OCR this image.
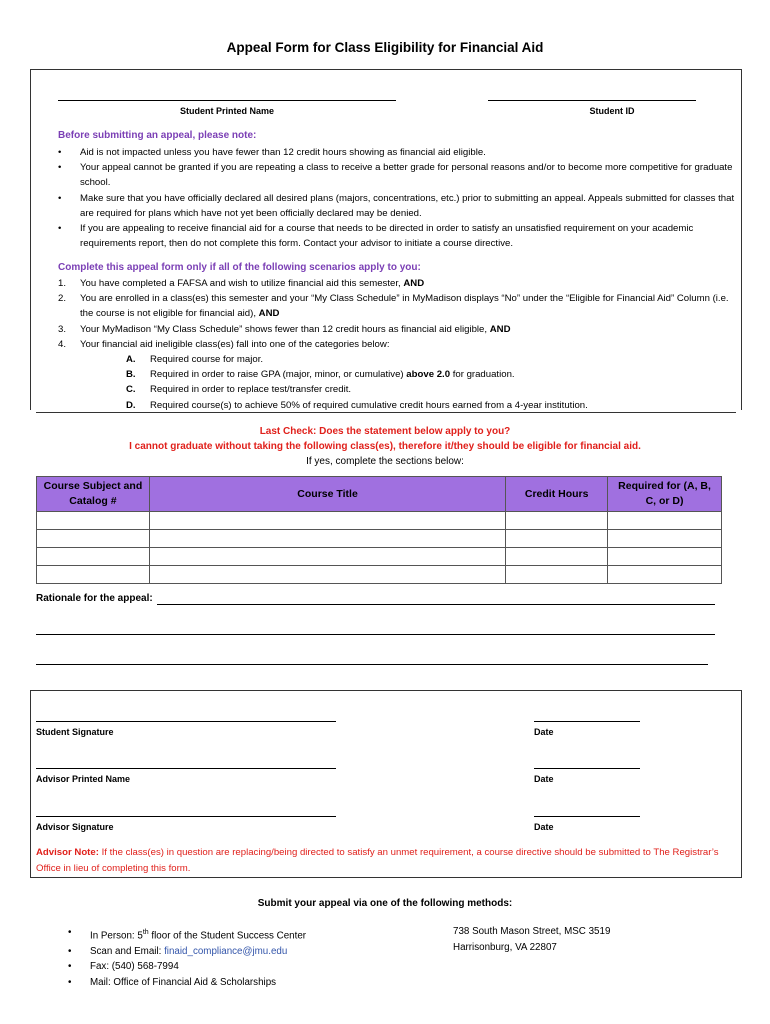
Appeal Form for Class Eligibility for Financial Aid
Student Printed Name	Student ID
Before submitting an appeal, please note:
• Aid is not impacted unless you have fewer than 12 credit hours showing as financial aid eligible.
• Your appeal cannot be granted if you are repeating a class to receive a better grade for personal reasons and/or to become more competitive for graduate school.
• Make sure that you have officially declared all desired plans (majors, concentrations, etc.) prior to submitting an appeal. Appeals submitted for classes that are required for plans which have not yet been officially declared may be denied.
• If you are appealing to receive financial aid for a course that needs to be directed in order to satisfy an unsatisfied requirement on your academic requirements report, then do not complete this form. Contact your advisor to initiate a course directive.
Complete this appeal form only if all of the following scenarios apply to you:
1. You have completed a FAFSA and wish to utilize financial aid this semester, AND
2. You are enrolled in a class(es) this semester and your “My Class Schedule” in MyMadison displays “No” under the “Eligible for Financial Aid” Column (i.e. the course is not eligible for financial aid), AND
3. Your MyMadison “My Class Schedule” shows fewer than 12 credit hours as financial aid eligible, AND
4. Your financial aid ineligible class(es) fall into one of the categories below:
A. Required course for major.
B. Required in order to raise GPA (major, minor, or cumulative) above 2.0 for graduation.
C. Required in order to replace test/transfer credit.
D. Required course(s) to achieve 50% of required cumulative credit hours earned from a 4-year institution.
Last Check: Does the statement below apply to you?
I cannot graduate without taking the following class(es), therefore it/they should be eligible for financial aid.
If yes, complete the sections below:
Course Subject and Catalog #	Course Title	Credit Hours	Required for (A, B, C, or D)

Rationale for the appeal:
Student Signature	Date
Advisor Printed Name	Date
Advisor Signature	Date
Advisor Note: If the class(es) in question are replacing/being directed to satisfy an unmet requirement, a course directive should be submitted to The Registrar’s Office in lieu of completing this form.
Submit your appeal via one of the following methods:
• In Person: 5th floor of the Student Success Center
• Scan and Email: finaid_compliance@jmu.edu
• Fax: (540) 568-7994
• Mail: Office of Financial Aid & Scholarships
738 South Mason Street, MSC 3519
Harrisonburg, VA 22807
